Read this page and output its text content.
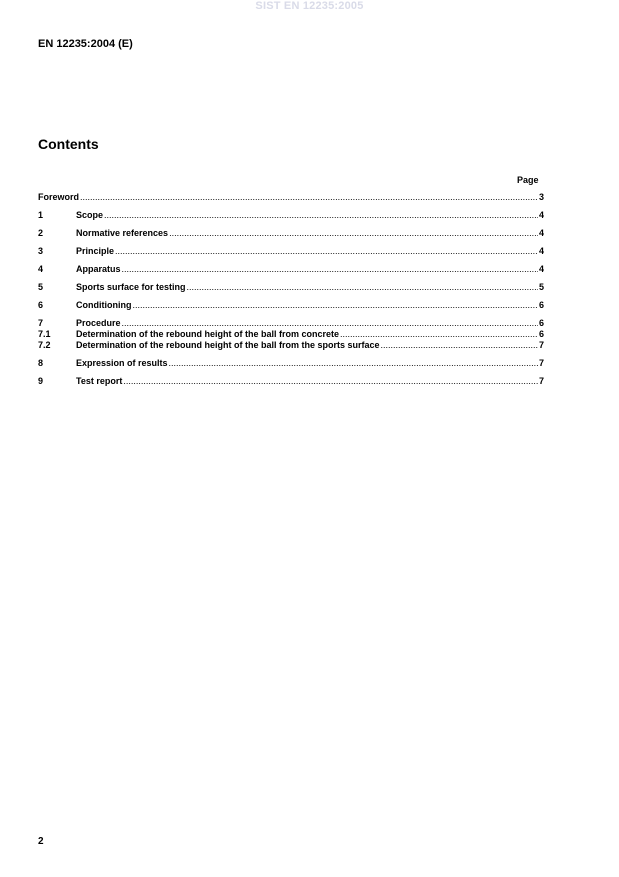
SIST EN 12235:2005
EN 12235:2004 (E)
Contents
Page
Foreword .....	3
1	Scope .....	4
2	Normative references .....	4
3	Principle .....	4
4	Apparatus .....	4
5	Sports surface for testing .....	5
6	Conditioning .....	6
7	Procedure .....	6
7.1	Determination of the rebound height of the ball from concrete .....	6
7.2	Determination of the rebound height of the ball from the sports surface .....	7
8	Expression of results .....	7
9	Test report .....	7
2
